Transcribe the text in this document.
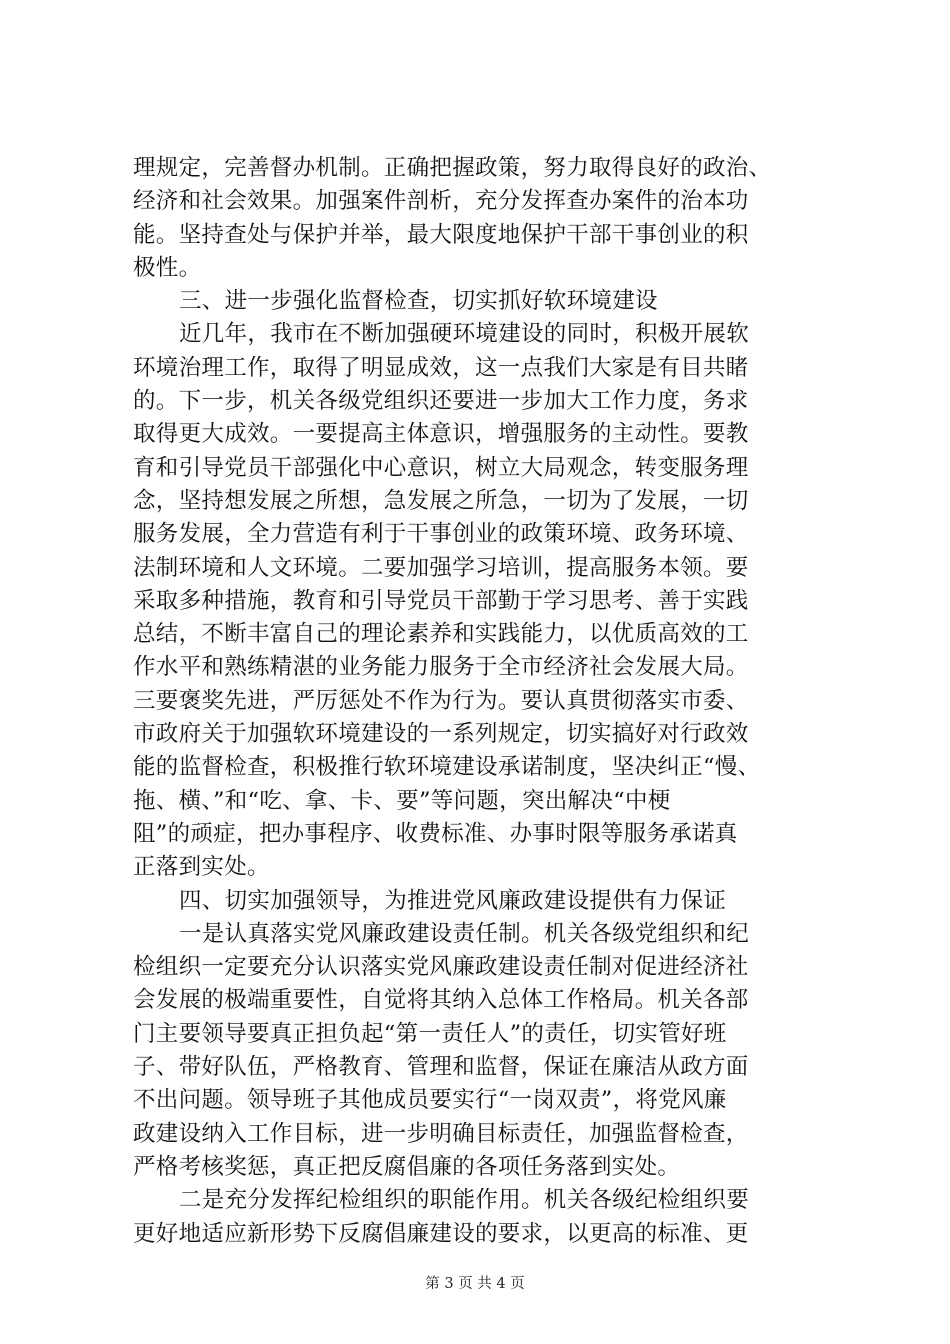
理规定，完善督办机制。正确把握政策，努力取得良好的政治、
经济和社会效果。加强案件剖析，充分发挥查办案件的治本功
能。坚持查处与保护并举，最大限度地保护干部干事创业的积
极性。
三、进一步强化监督检查，切实抓好软环境建设
近几年，我市在不断加强硬环境建设的同时，积极开展软
环境治理工作，取得了明显成效，这一点我们大家是有目共睹
的。下一步，机关各级党组织还要进一步加大工作力度，务求
取得更大成效。一要提高主体意识，增强服务的主动性。要教
育和引导党员干部强化中心意识，树立大局观念，转变服务理
念，坚持想发展之所想，急发展之所急，一切为了发展，一切
服务发展，全力营造有利于干事创业的政策环境、政务环境、
法制环境和人文环境。二要加强学习培训，提高服务本领。要
采取多种措施，教育和引导党员干部勤于学习思考、善于实践
总结，不断丰富自己的理论素养和实践能力，以优质高效的工
作水平和熟练精湛的业务能力服务于全市经济社会发展大局。
三要褒奖先进，严厉惩处不作为行为。要认真贯彻落实市委、
市政府关于加强软环境建设的一系列规定，切实搞好对行政效
能的监督检查，积极推行软环境建设承诺制度，坚决纠正“慢、
拖、横、”和“吃、拿、卡、要”等问题，突出解决“中梗
阻”的顽症，把办事程序、收费标准、办事时限等服务承诺真
正落到实处。
四、切实加强领导，为推进党风廉政建设提供有力保证
一是认真落实党风廉政建设责任制。机关各级党组织和纪
检组织一定要充分认识落实党风廉政建设责任制对促进经济社
会发展的极端重要性，自觉将其纳入总体工作格局。机关各部
门主要领导要真正担负起“第一责任人”的责任，切实管好班
子、带好队伍，严格教育、管理和监督，保证在廉洁从政方面
不出问题。领导班子其他成员要实行“一岗双责”，将党风廉
政建设纳入工作目标，进一步明确目标责任，加强监督检查，
严格考核奖惩，真正把反腐倡廉的各项任务落到实处。
二是充分发挥纪检组织的职能作用。机关各级纪检组织要
更好地适应新形势下反腐倡廉建设的要求，以更高的标准、更
第 3 页 共 4 页
